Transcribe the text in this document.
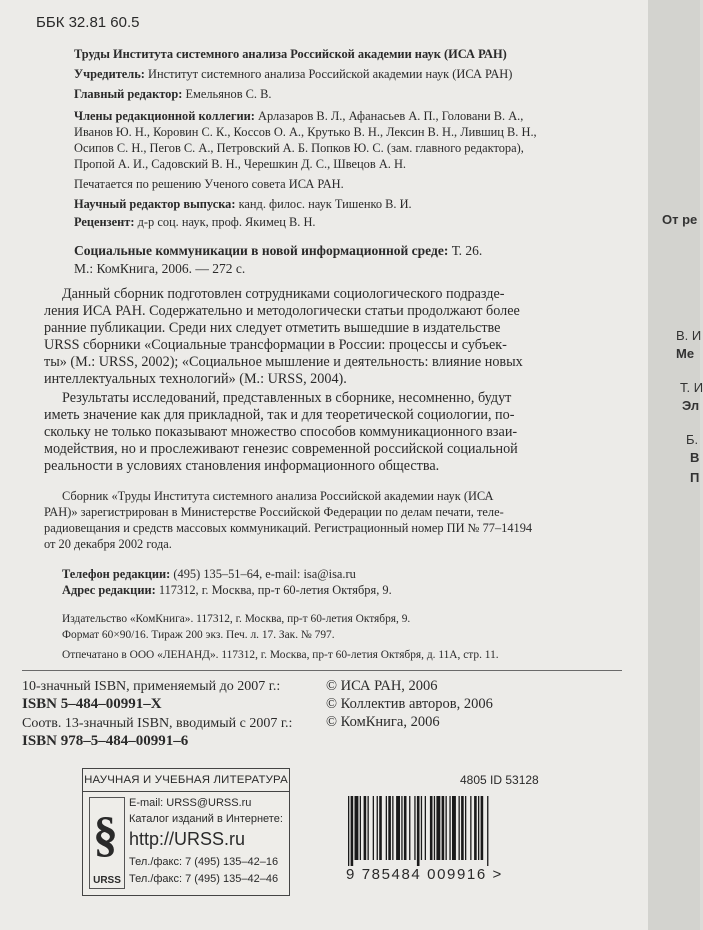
ББК 32.81 60.5
Труды Института системного анализа Российской академии наук (ИСА РАН)
Учредитель: Институт системного анализа Российской академии наук (ИСА РАН)
Главный редактор: Емельянов С. В.
Члены редакционной коллегии: Арлазаров В. Л., Афанасьев А. П., Головани В. А.,
Иванов Ю. Н., Коровин С. К., Коссов О. А., Крутько В. Н., Лексин В. Н., Лившиц В. Н.,
Осипов С. Н., Пегов С. А., Петровский А. Б. Попков Ю. С. (зам. главного редактора),
Пропой А. И., Садовский В. Н., Черешкин Д. С., Швецов А. Н.
Печатается по решению Ученого совета ИСА РАН.
Научный редактор выпуска: канд. филос. наук Тишенко В. И.
Рецензент: д-р соц. наук, проф. Якимец В. Н.
Социальные коммуникации в новой информационной среде: Т. 26.
М.: КомКнига, 2006. — 272 с.
Данный сборник подготовлен сотрудниками социологического подразде-
ления ИСА РАН. Содержательно и методологически статьи продолжают более
ранние публикации. Среди них следует отметить вышедшие в издательстве
URSS сборники «Социальные трансформации в России: процессы и субъек-
ты» (М.: URSS, 2002); «Социальное мышление и деятельность: влияние новых
интеллектуальных технологий» (М.: URSS, 2004).
Результаты исследований, представленных в сборнике, несомненно, будут
иметь значение как для прикладной, так и для теоретической социологии, по-
скольку не только показывают множество способов коммуникационного взаи-
модействия, но и прослеживают генезис современной российской социальной
реальности в условиях становления информационного общества.
Сборник «Труды Института системного анализа Российской академии наук (ИСА
РАН)» зарегистрирован в Министерстве Российской Федерации по делам печати, теле-
радиовещания и средств массовых коммуникаций. Регистрационный номер ПИ № 77–14194
от 20 декабря 2002 года.
Телефон редакции: (495) 135–51–64, e-mail: isa@isa.ru
Адрес редакции: 117312, г. Москва, пр-т 60-летия Октября, 9.
Издательство «КомКнига». 117312, г. Москва, пр-т 60-летия Октября, 9.
Формат 60×90/16. Тираж 200 экз. Печ. л. 17. Зак. № 797.
Отпечатано в ООО «ЛЕНАНД». 117312, г. Москва, пр-т 60-летия Октября, д. 11А, стр. 11.
10-значный ISBN, применяемый до 2007 г.:
ISBN 5–484–00991–X
Соотв. 13-значный ISBN, вводимый с 2007 г.:
ISBN 978–5–484–00991–6
© ИСА РАН, 2006
© Коллектив авторов, 2006
© КомКнига, 2006
НАУЧНАЯ И УЧЕБНАЯ ЛИТЕРАТУРА
§
URSS
E-mail: URSS@URSS.ru
Каталог изданий в Интернете:
http://URSS.ru
Тел./факс: 7 (495) 135–42–16
Тел./факс: 7 (495) 135–42–46
4805 ID 53128
9 785484 009916 >
От ре
В. И
Ме
Т. И
Эл
Б.
В
П
